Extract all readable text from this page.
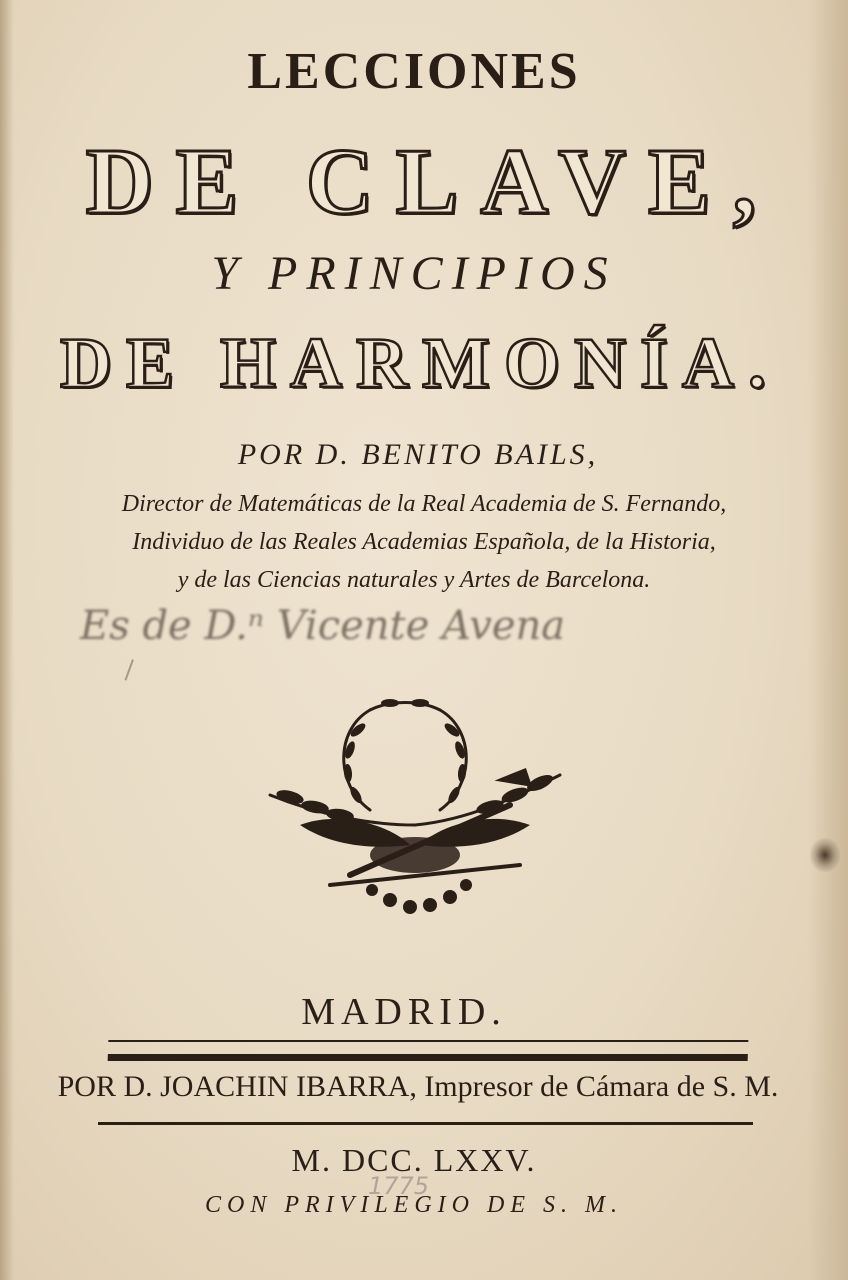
LECCIONES
DE CLAVE,
Y PRINCIPIOS
DE HARMONÍA.
POR D. BENITO BAILS,
Director de Matemáticas de la Real Academia de S. Fernando,
Individuo de las Reales Academias Española, de la Historia,
y de las Ciencias naturales y Artes de Barcelona.
Es de D.ⁿ Vicente Avena
MADRID.
POR D. JOACHIN IBARRA, Impresor de Cámara de S. M.
M. DCC. LXXV.
1775
CON PRIVILEGIO DE S. M.
